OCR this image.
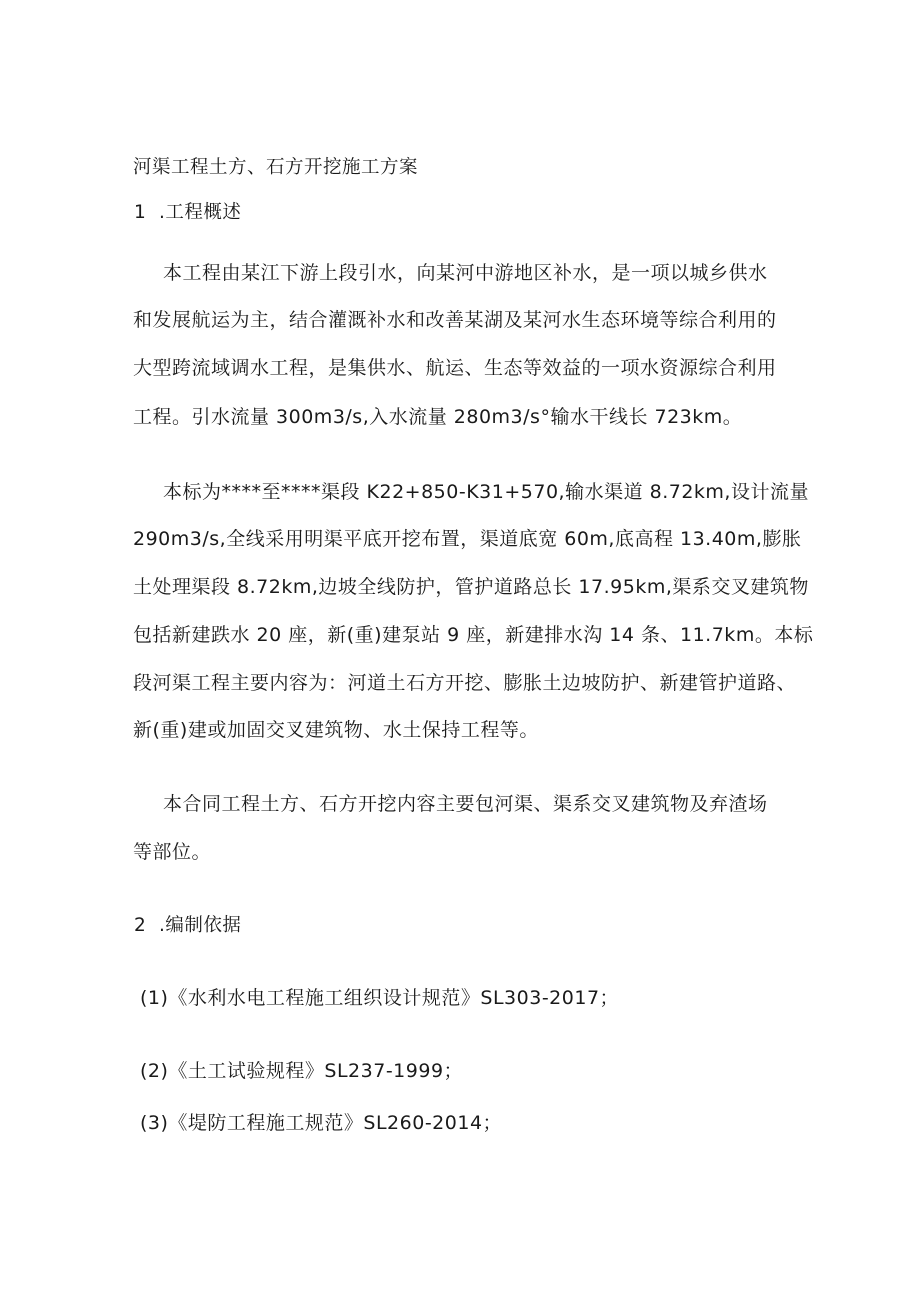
河渠工程土方、石方开挖施工方案
1  .工程概述
本工程由某江下游上段引水，向某河中游地区补水，是一项以城乡供水
和发展航运为主，结合灌溉补水和改善某湖及某河水生态环境等综合利用的
大型跨流域调水工程，是集供水、航运、生态等效益的一项水资源综合利用
工程。引水流量 300m3∕s,入水流量 280m3∕s°输水干线长 723km。
本标为****至****渠段 K22+850-K31+570,输水渠道 8.72km,设计流量
290m3∕s,全线采用明渠平底开挖布置，渠道底宽 60m,底高程 13.40m,膨胀
土处理渠段 8.72km,边坡全线防护，管护道路总长 17.95km,渠系交叉建筑物
包括新建跌水 20 座，新(重)建泵站 9 座，新建排水沟 14 条、11.7km。本标
段河渠工程主要内容为：河道土石方开挖、膨胀土边坡防护、新建管护道路、
新(重)建或加固交叉建筑物、水土保持工程等。
本合同工程土方、石方开挖内容主要包河渠、渠系交叉建筑物及弃渣场
等部位。
2  .编制依据
(1)《水利水电工程施工组织设计规范》SL303-2017；
(2)《土工试验规程》SL237-1999；
(3)《堤防工程施工规范》SL260-2014；
